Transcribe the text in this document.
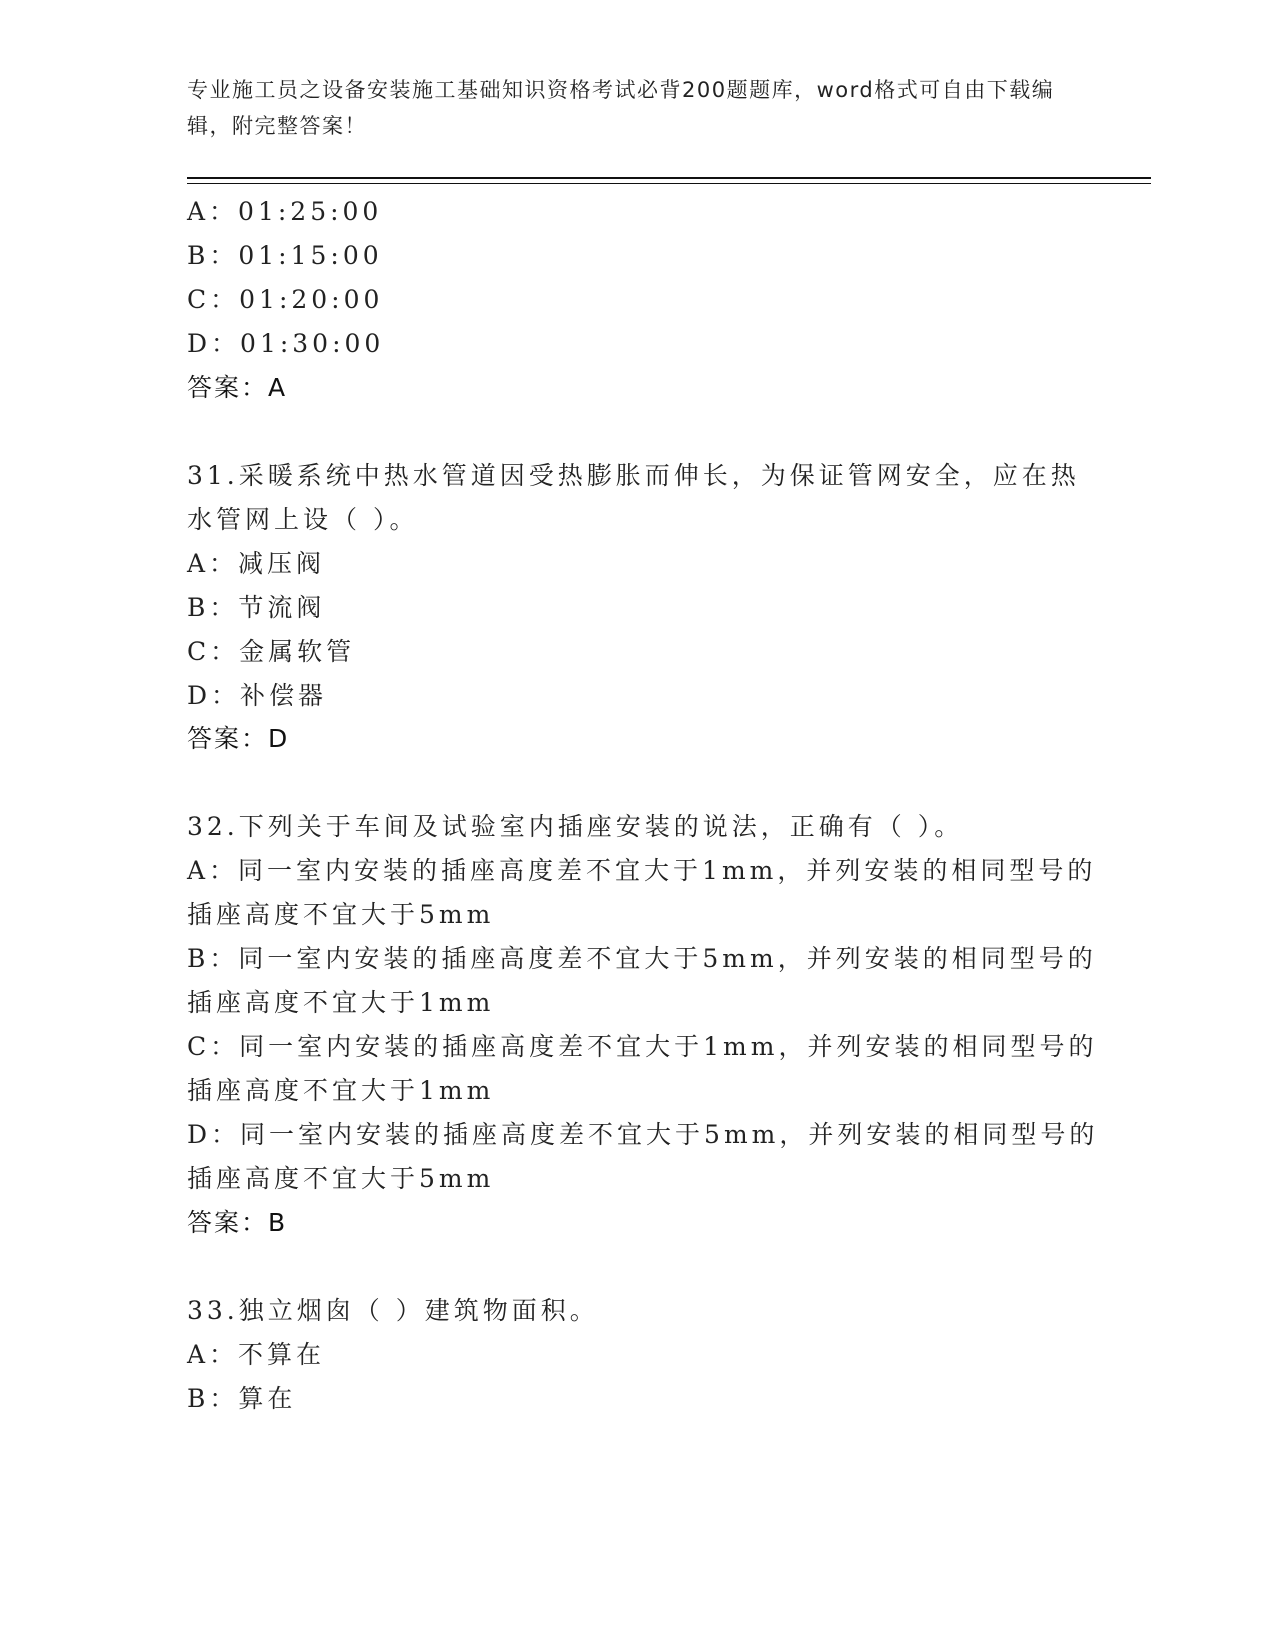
专业施工员之设备安装施工基础知识资格考试必背200题题库，word格式可自由下载编辑，附完整答案！
A：01:25:00
B：01:15:00
C：01:20:00
D：01:30:00
答案：A
31.采暖系统中热水管道因受热膨胀而伸长，为保证管网安全，应在热
水管网上设（ ）。
A：减压阀
B：节流阀
C：金属软管
D：补偿器
答案：D
32.下列关于车间及试验室内插座安装的说法，正确有（ ）。
A：同一室内安装的插座高度差不宜大于1mm，并列安装的相同型号的
插座高度不宜大于5mm
B：同一室内安装的插座高度差不宜大于5mm，并列安装的相同型号的
插座高度不宜大于1mm
C：同一室内安装的插座高度差不宜大于1mm，并列安装的相同型号的
插座高度不宜大于1mm
D：同一室内安装的插座高度差不宜大于5mm，并列安装的相同型号的
插座高度不宜大于5mm
答案：B
33.独立烟囱（ ）建筑物面积。
A：不算在
B：算在
